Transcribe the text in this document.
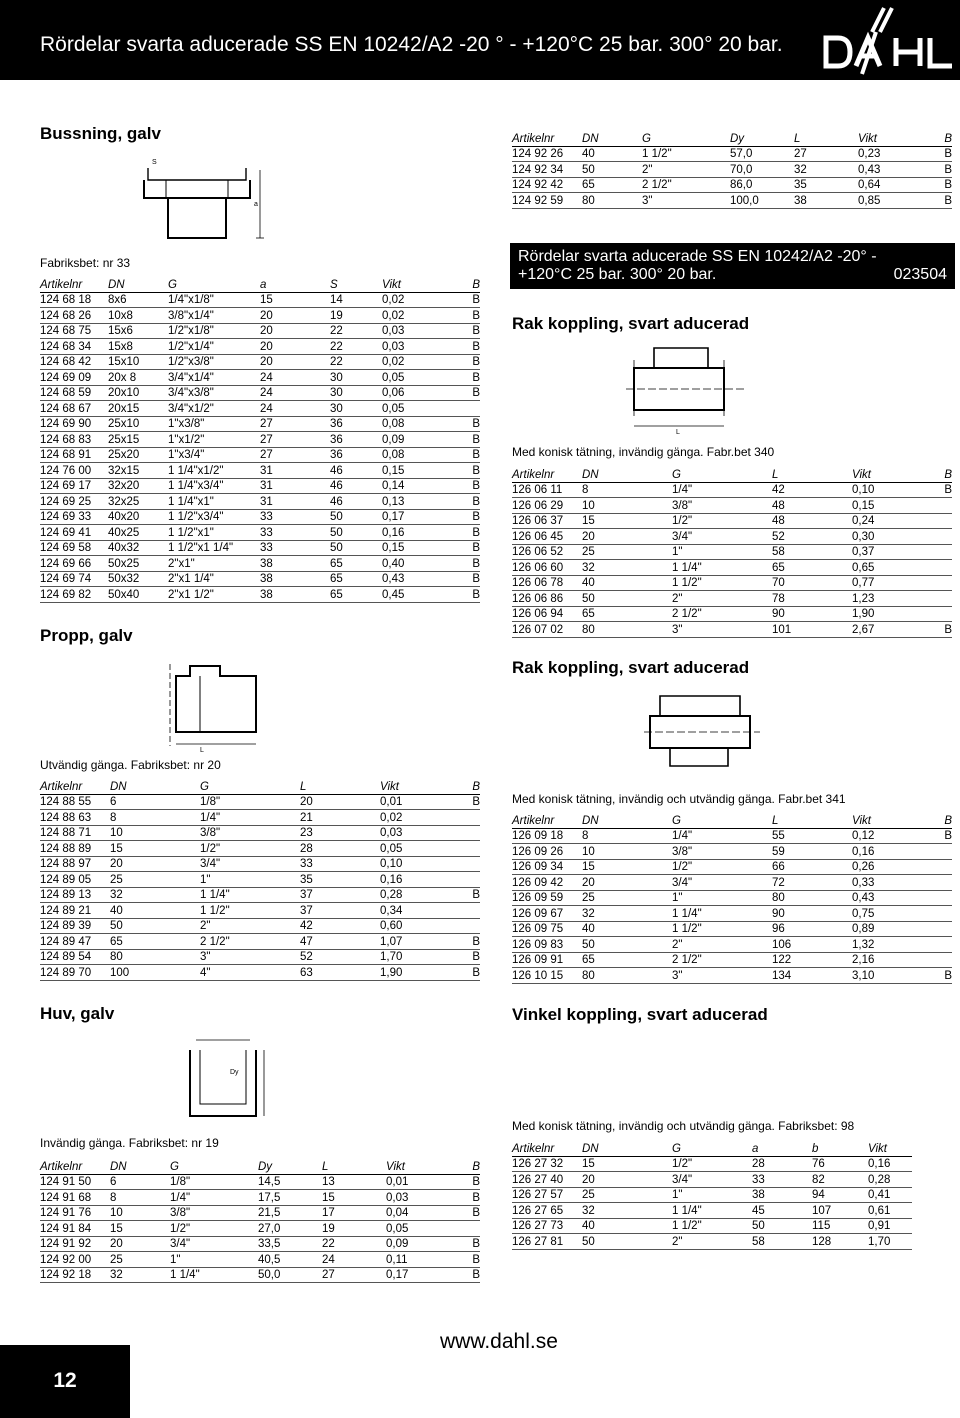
Rördelar svarta aducerade SS EN 10242/A2 -20 ° - +120°C 25 bar. 300° 20 bar.
Bussning, galv
S
a
Fabriksbet: nr 33
Artikelnr	DN	G	a	S	Vikt	B
124 68 18	8x6	1/4"x1/8"	15	14	0,02	B
124 68 26	10x8	3/8"x1/4"	20	19	0,02	B
124 68 75	15x6	1/2"x1/8"	20	22	0,03	B
124 68 34	15x8	1/2"x1/4"	20	22	0,03	B
124 68 42	15x10	1/2"x3/8"	20	22	0,02	B
124 69 09	20x 8	3/4"x1/4"	24	30	0,05	B
124 68 59	20x10	3/4"x3/8"	24	30	0,06	B
124 68 67	20x15	3/4"x1/2"	24	30	0,05	
124 69 90	25x10	1"x3/8"	27	36	0,08	B
124 68 83	25x15	1"x1/2"	27	36	0,09	B
124 68 91	25x20	1"x3/4"	27	36	0,08	B
124 76 00	32x15	1 1/4"x1/2"	31	46	0,15	B
124 69 17	32x20	1 1/4"x3/4"	31	46	0,14	B
124 69 25	32x25	1 1/4"x1"	31	46	0,13	B
124 69 33	40x20	1 1/2"x3/4"	33	50	0,17	B
124 69 41	40x25	1 1/2"x1"	33	50	0,16	B
124 69 58	40x32	1 1/2"x1 1/4"	33	50	0,15	B
124 69 66	50x25	2"x1"	38	65	0,40	B
124 69 74	50x32	2"x1 1/4"	38	65	0,43	B
124 69 82	50x40	2"x1 1/2"	38	65	0,45	B
Propp, galv
L
Utvändig gänga. Fabriksbet: nr 20
Artikelnr	DN	G	L	Vikt	B
124 88 55	6	1/8"	20	0,01	B
124 88 63	8	1/4"	21	0,02	
124 88 71	10	3/8"	23	0,03	
124 88 89	15	1/2"	28	0,05	
124 88 97	20	3/4"	33	0,10	
124 89 05	25	1"	35	0,16	
124 89 13	32	1 1/4"	37	0,28	B
124 89 21	40	1 1/2"	37	0,34	
124 89 39	50	2"	42	0,60	
124 89 47	65	2 1/2"	47	1,07	B
124 89 54	80	3"	52	1,70	B
124 89 70	100	4"	63	1,90	B
Huv, galv
Dy
Invändig gänga. Fabriksbet: nr 19
Artikelnr	DN	G	Dy	L	Vikt	B
124 91 50	6	1/8"	14,5	13	0,01	B
124 91 68	8	1/4"	17,5	15	0,03	B
124 91 76	10	3/8"	21,5	17	0,04	B
124 91 84	15	1/2"	27,0	19	0,05	
124 91 92	20	3/4"	33,5	22	0,09	B
124 92 00	25	1"	40,5	24	0,11	B
124 92 18	32	1 1/4"	50,0	27	0,17	B
Artikelnr	DN	G	Dy	L	Vikt	B
124 92 26	40	1 1/2"	57,0	27	0,23	B
124 92 34	50	2"	70,0	32	0,43	B
124 92 42	65	2 1/2"	86,0	35	0,64	B
124 92 59	80	3"	100,0	38	0,85	B
Rördelar svarta aducerade SS EN 10242/A2 -20° -
+120°C 25 bar. 300° 20 bar.	023504
Rak koppling, svart aducerad
L
Med konisk tätning, invändig gänga. Fabr.bet 340
Artikelnr	DN	G	L	Vikt	B
126 06 11	8	1/4"	42	0,10	B
126 06 29	10	3/8"	48	0,15	
126 06 37	15	1/2"	48	0,24	
126 06 45	20	3/4"	52	0,30	
126 06 52	25	1"	58	0,37	
126 06 60	32	1 1/4"	65	0,65	
126 06 78	40	1 1/2"	70	0,77	
126 06 86	50	2"	78	1,23	
126 06 94	65	2 1/2"	90	1,90	
126 07 02	80	3"	101	2,67	B
Rak koppling, svart aducerad
Med konisk tätning, invändig och utvändig gänga. Fabr.bet 341
Artikelnr	DN	G	L	Vikt	B
126 09 18	8	1/4"	55	0,12	B
126 09 26	10	3/8"	59	0,16	
126 09 34	15	1/2"	66	0,26	
126 09 42	20	3/4"	72	0,33	
126 09 59	25	1"	80	0,43	
126 09 67	32	1 1/4"	90	0,75	
126 09 75	40	1 1/2"	96	0,89	
126 09 83	50	2"	106	1,32	
126 09 91	65	2 1/2"	122	2,16	
126 10 15	80	3"	134	3,10	B
Vinkel koppling, svart aducerad
Med konisk tätning, invändig och utvändig gänga. Fabriksbet: 98
Artikelnr	DN	G	a	b	Vikt
126 27 32	15	1/2"	28	76	0,16
126 27 40	20	3/4"	33	82	0,28
126 27 57	25	1"	38	94	0,41
126 27 65	32	1 1/4"	45	107	0,61
126 27 73	40	1 1/2"	50	115	0,91
126 27 81	50	2"	58	128	1,70
www.dahl.se
12
